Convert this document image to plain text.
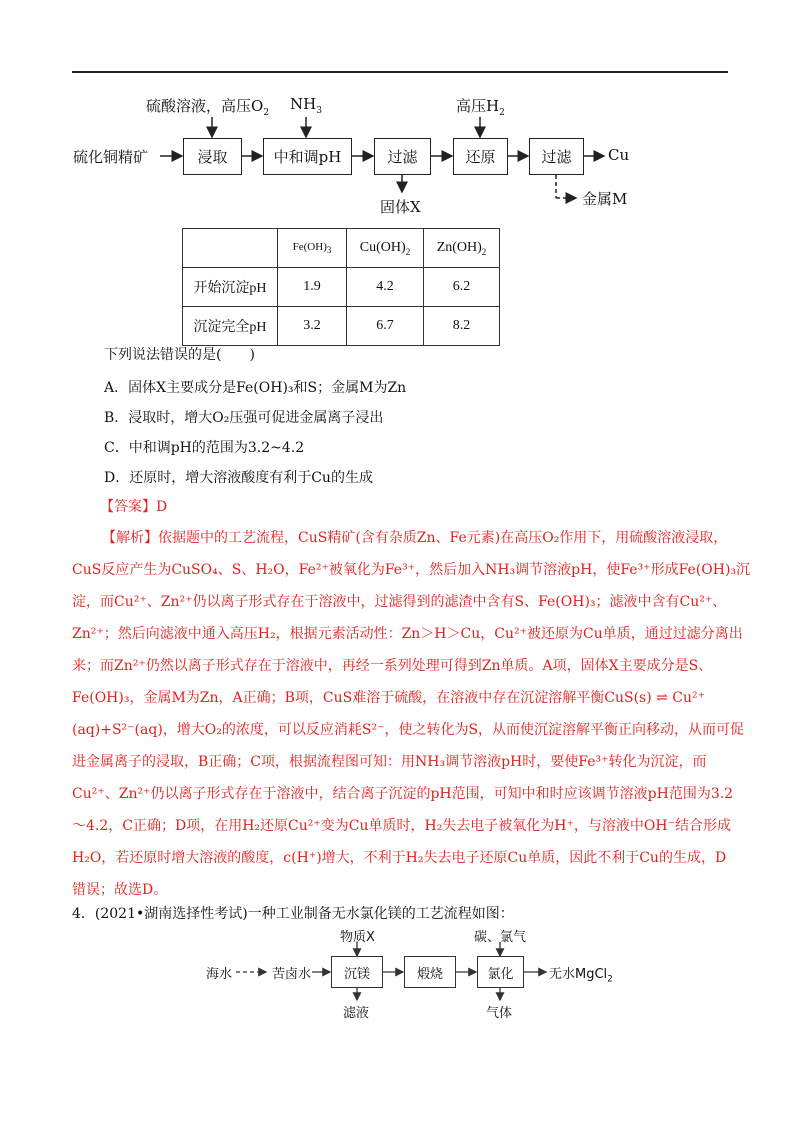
硫化铜精矿
硫酸溶液，高压$O_2$ $NH_3$	高压$H_2$
浸取	中和调pH	过滤	还原	过滤	Cu
固体X	金属M
	$Fe(OH)_3$	$Cu(OH)_2$	$Zn(OH)_2$
开始沉淀pH	1.9	4.2	6.2
沉淀完全pH	3.2	6.7	8.2
下列说法错误的是(　　)
A．固体X主要成分是Fe(OH)₃和S；金属M为Zn
B．浸取时，增大O₂压强可促进金属离子浸出
C．中和调pH的范围为3.2~4.2
D．还原时，增大溶液酸度有利于Cu的生成
【答案】D
【解析】依据题中的工艺流程，CuS精矿(含有杂质Zn、Fe元素)在高压O₂作用下，用硫酸溶液浸取，
CuS反应产生为CuSO₄、S、H₂O，Fe²⁺被氧化为Fe³⁺，然后加入NH₃调节溶液pH，使Fe³⁺形成Fe(OH)₃沉
淀，而Cu²⁺、Zn²⁺仍以离子形式存在于溶液中，过滤得到的滤渣中含有S、Fe(OH)₃；滤液中含有Cu²⁺、
Zn²⁺；然后向滤液中通入高压H₂，根据元素活动性：Zn＞H＞Cu，Cu²⁺被还原为Cu单质，通过过滤分离出
来；而Zn²⁺仍然以离子形式存在于溶液中，再经一系列处理可得到Zn单质。A项，固体X主要成分是S、
Fe(OH)₃，金属M为Zn，A正确；B项，CuS难溶于硫酸，在溶液中存在沉淀溶解平衡CuS(s) ⇌ Cu²⁺
(aq)+S²⁻(aq)，增大O₂的浓度，可以反应消耗S²⁻，使之转化为S，从而使沉淀溶解平衡正向移动，从而可促
进金属离子的浸取，B正确；C项，根据流程图可知：用NH₃调节溶液pH时，要使Fe³⁺转化为沉淀，而
Cu²⁺、Zn²⁺仍以离子形式存在于溶液中，结合离子沉淀的pH范围，可知中和时应该调节溶液pH范围为3.2
～4.2，C正确；D项，在用H₂还原Cu²⁺变为Cu单质时，H₂失去电子被氧化为H⁺，与溶液中OH⁻结合形成
H₂O，若还原时增大溶液的酸度，c(H⁺)增大，不利于H₂失去电子还原Cu单质，因此不利于Cu的生成，D
错误；故选D。
4．(2021•湖南选择性考试)一种工业制备无水氯化镁的工艺流程如图：
海水	苦卤水
物质X	碳、氯气
沉镁	煅烧	氯化	无水MgCl$_2$
滤液	气体
